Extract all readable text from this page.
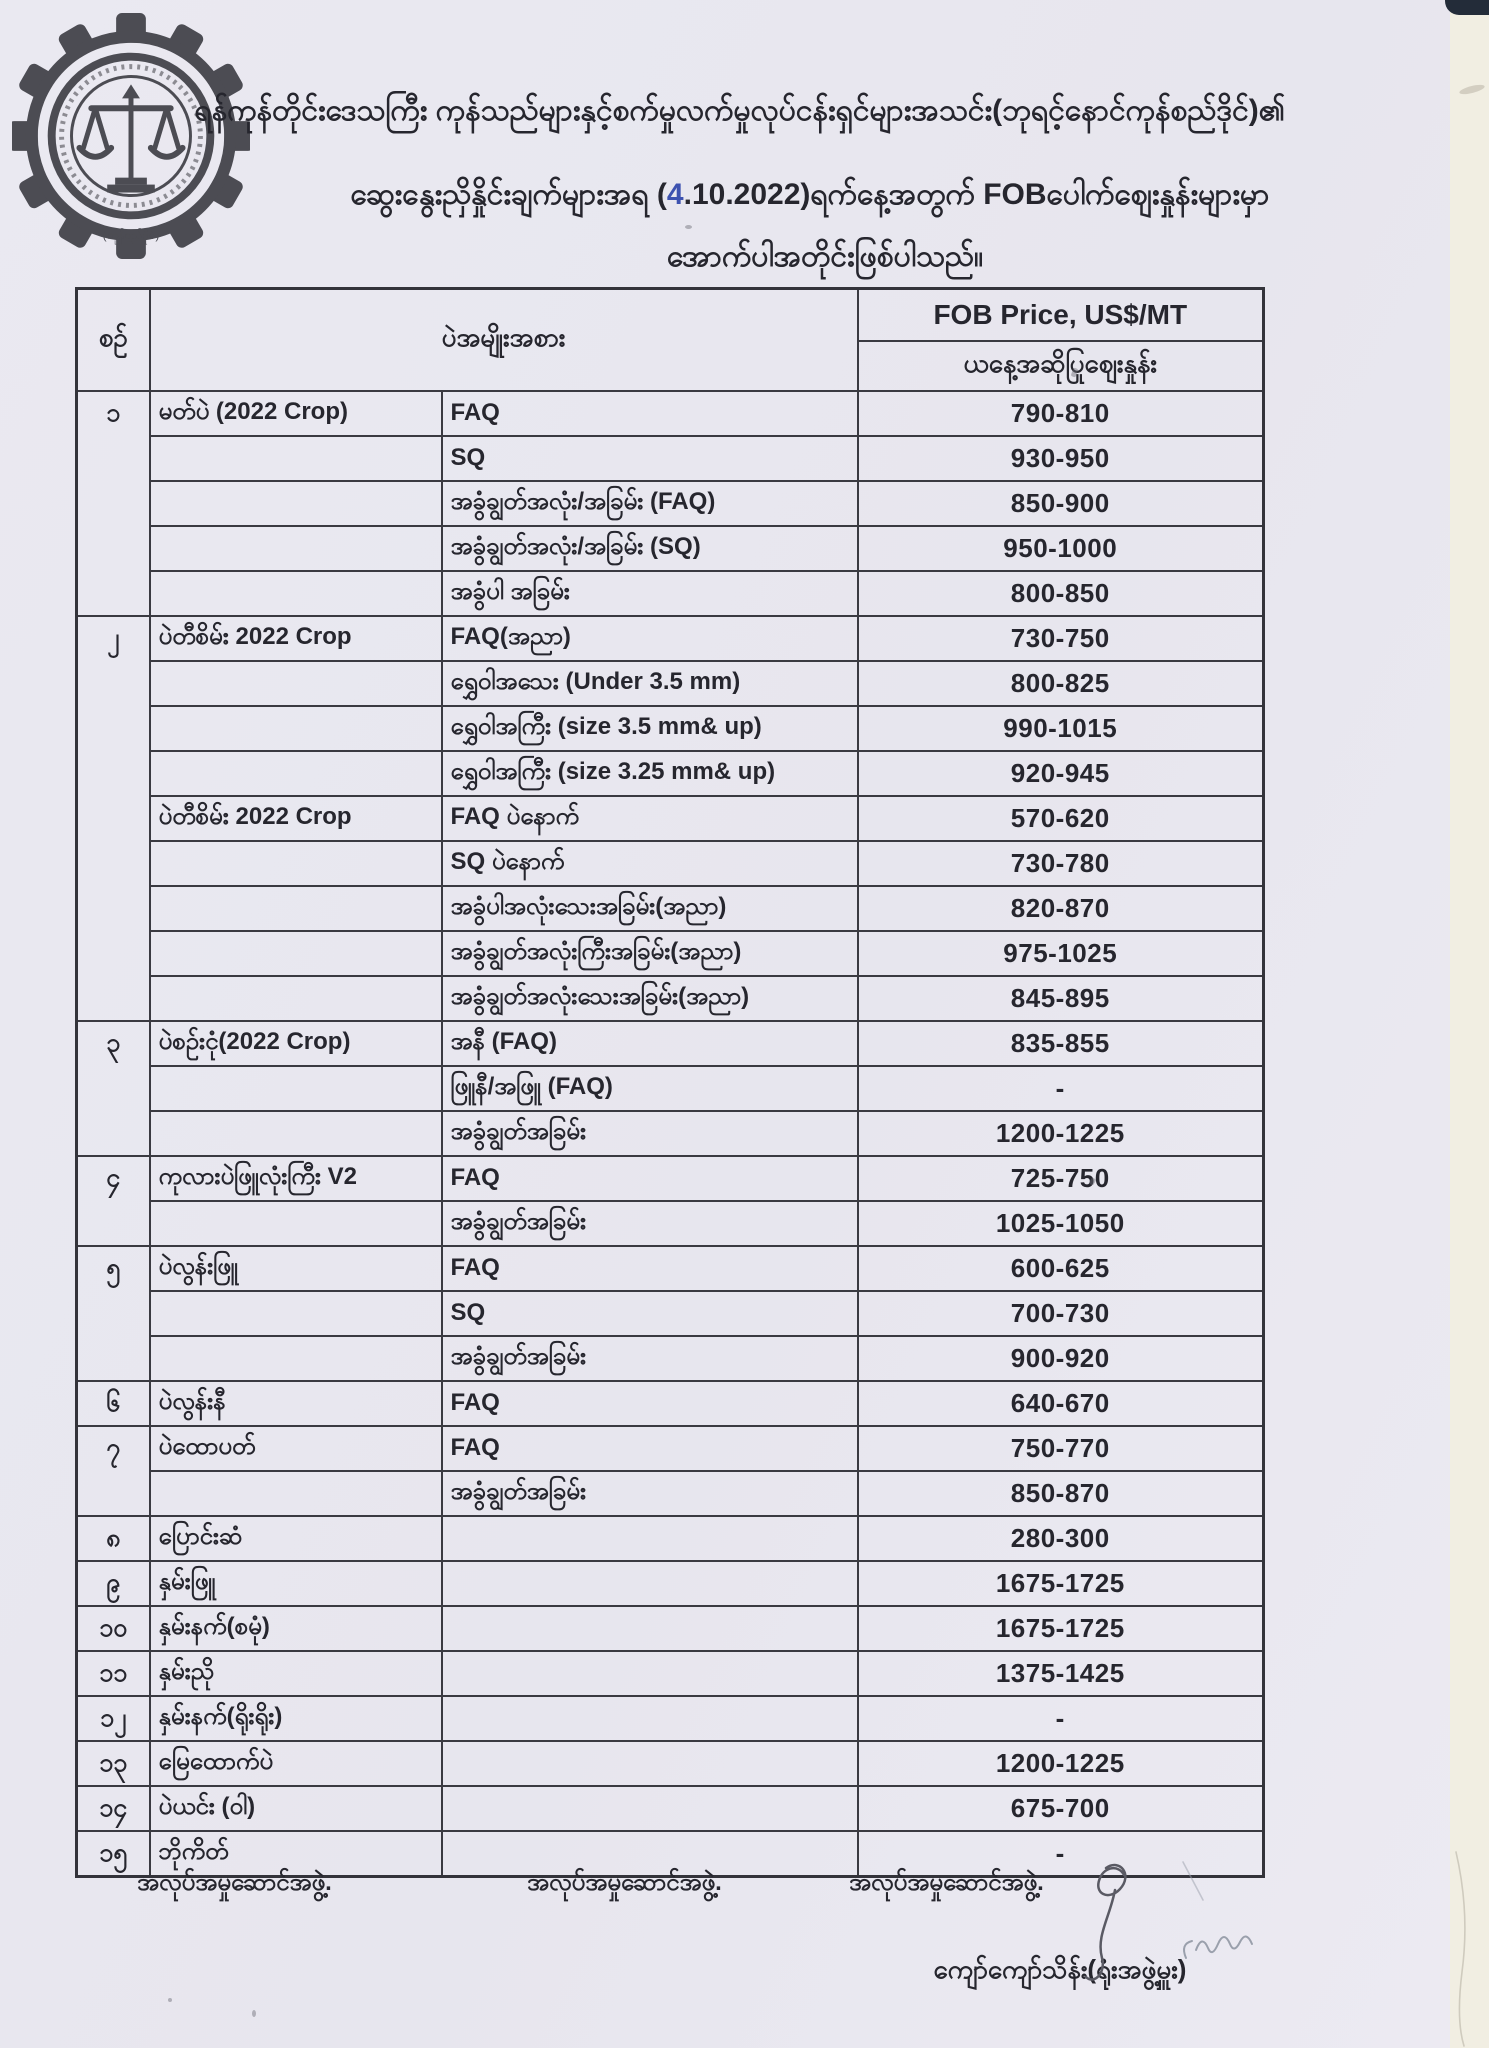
(ကုန်စည်ဒိုင်)
ရန်ကုန်တိုင်းဒေသကြီး ကုန်သည်များနှင့်စက်မှုလက်မှုလုပ်ငန်းရှင်များအသင်း(ဘုရင့်နောင်ကုန်စည်ဒိုင်)၏
ဆွေးနွေးညှိနှိုင်းချက်များအရ (4.10.2022)ရက်နေ့အတွက် FOBပေါက်ဈေးနှုန်းများမှာ
အောက်ပါအတိုင်းဖြစ်ပါသည်။
စဉ်	ပဲအမျိုးအစား		FOB Price, US$/MT
			ယနေ့အဆိုပြုဈေးနှုန်း
၁	မတ်ပဲ (2022 Crop)	FAQ	790-810
		SQ	930-950
		အခွံချွတ်အလုံး/အခြမ်း (FAQ)	850-900
		အခွံချွတ်အလုံး/အခြမ်း (SQ)	950-1000
		အခွံပါ အခြမ်း	800-850
၂	ပဲတီစိမ်း 2022 Crop	FAQ(အညာ)	730-750
		ရွှေဝါအသေး (Under 3.5 mm)	800-825
		ရွှေဝါအကြီး (size 3.5 mm& up)	990-1015
		ရွှေဝါအကြီး (size 3.25 mm& up)	920-945
	ပဲတီစိမ်း 2022 Crop	FAQ ပဲနောက်	570-620
		SQ ပဲနောက်	730-780
		အခွံပါအလုံးသေးအခြမ်း(အညာ)	820-870
		အခွံချွတ်အလုံးကြီးအခြမ်း(အညာ)	975-1025
		အခွံချွတ်အလုံးသေးအခြမ်း(အညာ)	845-895
၃	ပဲစဉ်းငုံ(2022 Crop)	အနီ (FAQ)	835-855
		ဖြူနီ/အဖြူ (FAQ)	-
		အခွံချွတ်အခြမ်း	1200-1225
၄	ကုလားပဲဖြူလုံးကြီး V2	FAQ	725-750
		အခွံချွတ်အခြမ်း	1025-1050
၅	ပဲလွန်းဖြူ	FAQ	600-625
		SQ	700-730
		အခွံချွတ်အခြမ်း	900-920
၆	ပဲလွန်းနီ	FAQ	640-670
၇	ပဲထောပတ်	FAQ	750-770
		အခွံချွတ်အခြမ်း	850-870
၈	ပြောင်းဆံ		280-300
၉	နှမ်းဖြူ		1675-1725
၁၀	နှမ်းနက်(စမုံ)		1675-1725
၁၁	နှမ်းညို		1375-1425
၁၂	နှမ်းနက်(ရိုးရိုး)		-
၁၃	မြေထောက်ပဲ		1200-1225
၁၄	ပဲယင်း (ဝါ)		675-700
၁၅	ဘိုကိတ်		-
အလုပ်အမှုဆောင်အဖွဲ့.	အလုပ်အမှုဆောင်အဖွဲ့.	အလုပ်အမှုဆောင်အဖွဲ့.
ကျော်ကျော်သိန်း(ရုံးအဖွဲ့မှူး)
